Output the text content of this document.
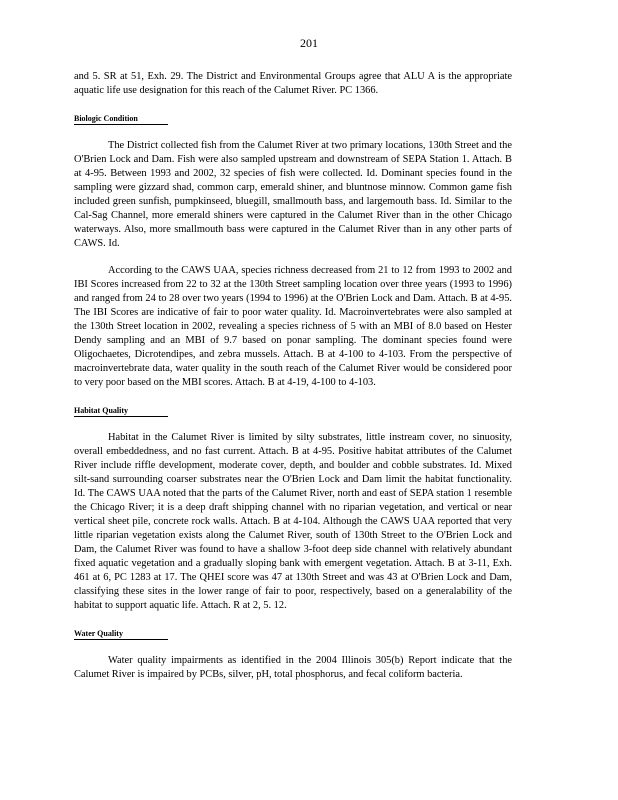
201

and 5. SR at 51, Exh. 29. The District and Environmental Groups agree that ALU A is the appropriate aquatic life use designation for this reach of the Calumet River. PC 1366.

Biologic Condition

The District collected fish from the Calumet River at two primary locations, 130th Street and the O'Brien Lock and Dam. Fish were also sampled upstream and downstream of SEPA Station 1. Attach. B at 4-95. Between 1993 and 2002, 32 species of fish were collected. Id. Dominant species found in the sampling were gizzard shad, common carp, emerald shiner, and bluntnose minnow. Common game fish included green sunfish, pumpkinseed, bluegill, smallmouth bass, and largemouth bass. Id. Similar to the Cal-Sag Channel, more emerald shiners were captured in the Calumet River than in the other Chicago waterways. Also, more smallmouth bass were captured in the Calumet River than in any other parts of CAWS. Id.

According to the CAWS UAA, species richness decreased from 21 to 12 from 1993 to 2002 and IBI Scores increased from 22 to 32 at the 130th Street sampling location over three years (1993 to 1996) and ranged from 24 to 28 over two years (1994 to 1996) at the O'Brien Lock and Dam. Attach. B at 4-95. The IBI Scores are indicative of fair to poor water quality. Id. Macroinvertebrates were also sampled at the 130th Street location in 2002, revealing a species richness of 5 with an MBI of 8.0 based on Hester Dendy sampling and an MBI of 9.7 based on ponar sampling. The dominant species found were Oligochaetes, Dicrotendipes, and zebra mussels. Attach. B at 4-100 to 4-103. From the perspective of macroinvertebrate data, water quality in the south reach of the Calumet River would be considered poor to very poor based on the MBI scores. Attach. B at 4-19, 4-100 to 4-103.

Habitat Quality

Habitat in the Calumet River is limited by silty substrates, little instream cover, no sinuosity, overall embeddedness, and no fast current. Attach. B at 4-95. Positive habitat attributes of the Calumet River include riffle development, moderate cover, depth, and boulder and cobble substrates. Id. Mixed silt-sand surrounding coarser substrates near the O'Brien Lock and Dam limit the habitat functionality. Id. The CAWS UAA noted that the parts of the Calumet River, north and east of SEPA station 1 resemble the Chicago River; it is a deep draft shipping channel with no riparian vegetation, and vertical or near vertical sheet pile, concrete rock walls. Attach. B at 4-104. Although the CAWS UAA reported that very little riparian vegetation exists along the Calumet River, south of 130th Street to the O'Brien Lock and Dam, the Calumet River was found to have a shallow 3-foot deep side channel with relatively abundant fixed aquatic vegetation and a gradually sloping bank with emergent vegetation. Attach. B at 3-11, Exh. 461 at 6, PC 1283 at 17. The QHEI score was 47 at 130th Street and was 43 at O'Brien Lock and Dam, classifying these sites in the lower range of fair to poor, respectively, based on a generalability of the habitat to support aquatic life. Attach. R at 2, 5. 12.

Water Quality

Water quality impairments as identified in the 2004 Illinois 305(b) Report indicate that the Calumet River is impaired by PCBs, silver, pH, total phosphorus, and fecal coliform bacteria.
